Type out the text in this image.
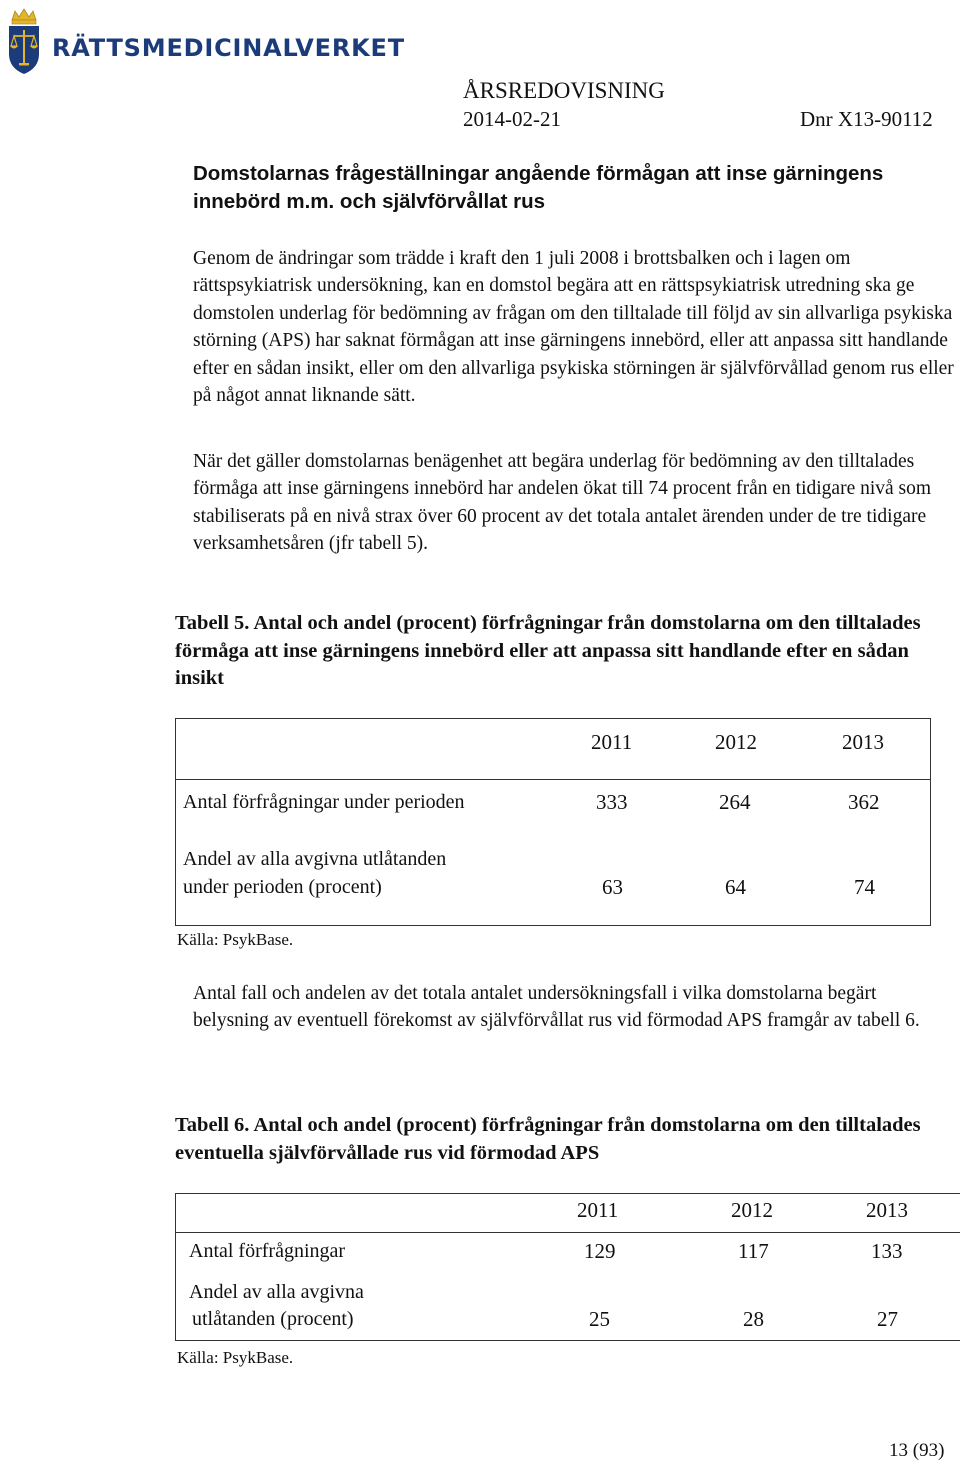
RÄTTSMEDICINALVERKET
ÅRSREDOVISNING
2014-02-21	Dnr X13-90112
Domstolarnas frågeställningar angående förmågan att inse gärningens innebörd m.m. och självförvållat rus
Genom de ändringar som trädde i kraft den 1 juli 2008 i brottsbalken och i lagen om rättspsykiatrisk undersökning, kan en domstol begära att en rättspsykiatrisk utredning ska ge domstolen underlag för bedömning av frågan om den tilltalade till följd av sin allvarliga psykiska störning (APS) har saknat förmågan att inse gärningens innebörd, eller att anpassa sitt handlande efter en sådan insikt, eller om den allvarliga psykiska störningen är självförvållad genom rus eller på något annat liknande sätt.
När det gäller domstolarnas benägenhet att begära underlag för bedömning av den tilltalades förmåga att inse gärningens innebörd har andelen ökat till 74 procent från en tidigare nivå som stabiliserats på en nivå strax över 60 procent av det totala antalet ärenden under de tre tidigare verksamhetsåren (jfr tabell 5).
Tabell 5. Antal och andel (procent) förfrågningar från domstolarna om den tilltalades förmåga att inse gärningens innebörd eller att anpassa sitt handlande efter en sådan insikt
2011	2012	2013
Antal förfrågningar under perioden	333	264	362
Andel av alla avgivna utlåtanden
under perioden (procent)	63	64	74
Källa: PsykBase.
Antal fall och andelen av det totala antalet undersökningsfall i vilka domstolarna begärt belysning av eventuell förekomst av självförvållat rus vid förmodad APS framgår av tabell 6.
Tabell 6. Antal och andel (procent) förfrågningar från domstolarna om den tilltalades eventuella självförvållade rus vid förmodad APS
2011	2012	2013
Antal förfrågningar	129	117	133
Andel av alla avgivna
utlåtanden (procent)	25	28	27
Källa: PsykBase.
13 (93)
